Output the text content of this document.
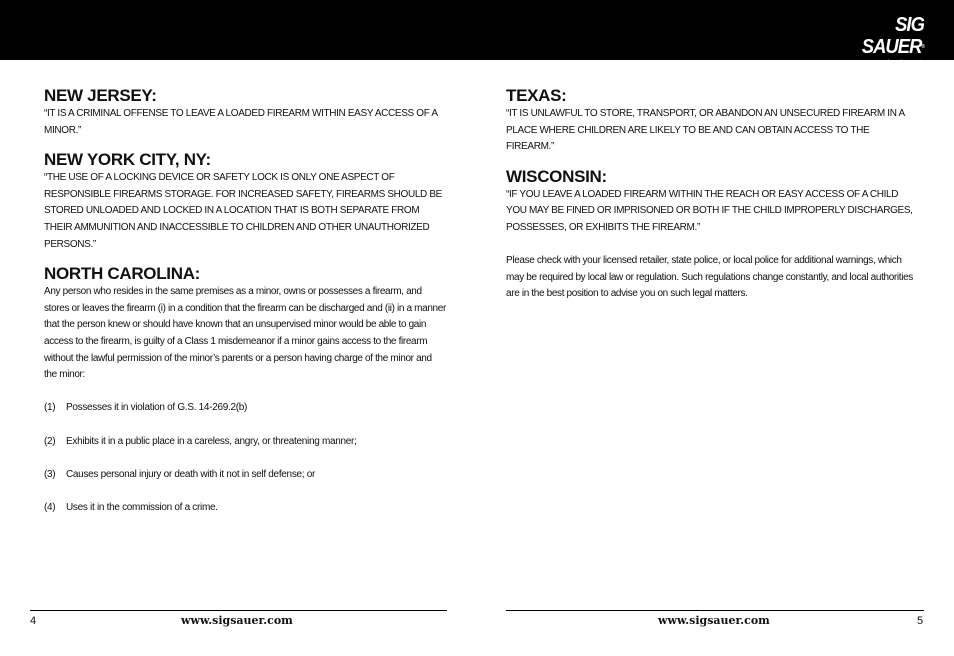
SIG SAUER®
when it counts
NEW JERSEY:

“IT IS A CRIMINAL OFFENSE TO LEAVE A LOADED FIREARM WITHIN EASY ACCESS OF A MINOR.”

NEW YORK CITY, NY:

“THE USE OF A LOCKING DEVICE OR SAFETY LOCK IS ONLY ONE ASPECT OF RESPONSIBLE FIREARMS STORAGE. FOR INCREASED SAFETY, FIREARMS SHOULD BE STORED UNLOADED AND LOCKED IN A LOCATION THAT IS BOTH SEPARATE FROM THEIR AMMUNITION AND INACCESSIBLE TO CHILDREN AND OTHER UNAUTHORIZED PERSONS.”

NORTH CAROLINA:

Any person who resides in the same premises as a minor, owns or possesses a firearm, and stores or leaves the firearm (i) in a condition that the firearm can be discharged and (ii) in a manner that the person knew or should have known that an unsupervised minor would be able to gain access to the firearm, is guilty of a Class 1 misdemeanor if a minor gains access to the firearm without the lawful permission of the minor’s parents or a person having charge of the minor and the minor:

(1)	Possesses it in violation of G.S. 14-269.2(b)
(2)	Exhibits it in a public place in a careless, angry, or threatening manner;
(3)	Causes personal injury or death with it not in self defense; or
(4)	Uses it in the commission of a crime.
TEXAS:

“IT IS UNLAWFUL TO STORE, TRANSPORT, OR ABANDON AN UNSECURED FIREARM IN A PLACE WHERE CHILDREN ARE LIKELY TO BE AND CAN OBTAIN ACCESS TO THE FIREARM.”

WISCONSIN:

“IF YOU LEAVE A LOADED FIREARM WITHIN THE REACH OR EASY ACCESS OF A CHILD YOU MAY BE FINED OR IMPRISONED OR BOTH IF THE CHILD IMPROPERLY DISCHARGES, POSSESSES, OR EXHIBITS THE FIREARM.”

Please check with your licensed retailer, state police, or local police for additional warnings, which may be required by local law or regulation. Such regulations change constantly, and local authorities are in the best position to advise you on such legal matters.

4	www.sigsauer.com	www.sigsauer.com	5
